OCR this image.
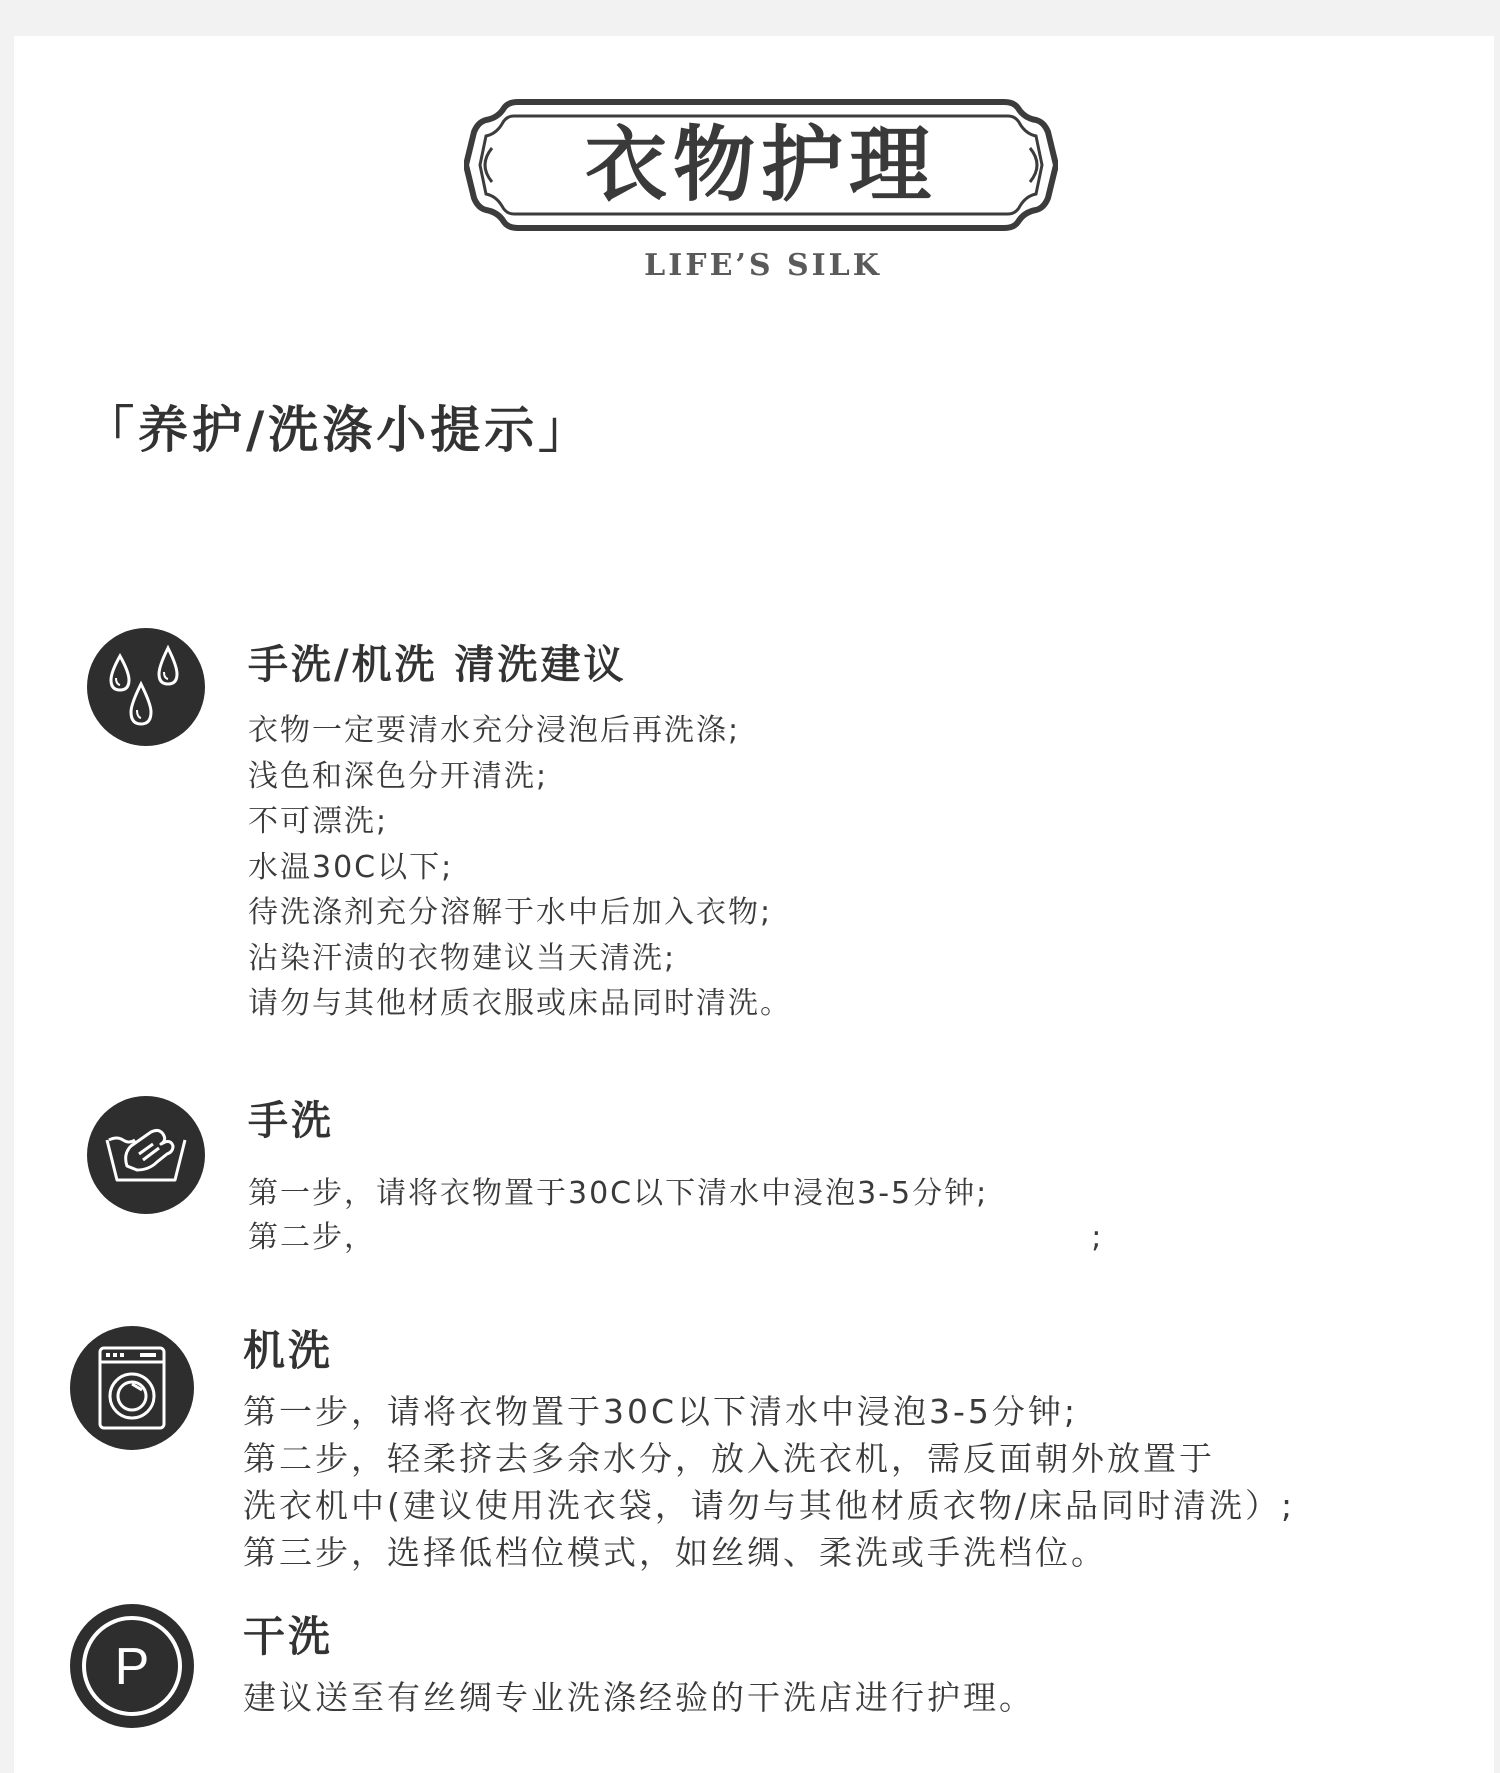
衣物护理
LIFE’S SILK
「养护/洗涤小提示」
手洗/机洗 清洗建议
衣物一定要清水充分浸泡后再洗涤;
浅色和深色分开清洗;
不可漂洗;
水温30C以下;
待洗涤剂充分溶解于水中后加入衣物;
沾染汗渍的衣物建议当天清洗;
请勿与其他材质衣服或床品同时清洗。
手洗
第一步，请将衣物置于30C以下清水中浸泡3-5分钟;
第二步，                                                              ;
机洗
第一步，请将衣物置于30C以下清水中浸泡3-5分钟;
第二步，轻柔挤去多余水分，放入洗衣机，需反面朝外放置于
洗衣机中(建议使用洗衣袋，请勿与其他材质衣物/床品同时清洗）;
第三步，选择低档位模式，如丝绸、柔洗或手洗档位。
P
干洗
建议送至有丝绸专业洗涤经验的干洗店进行护理。
